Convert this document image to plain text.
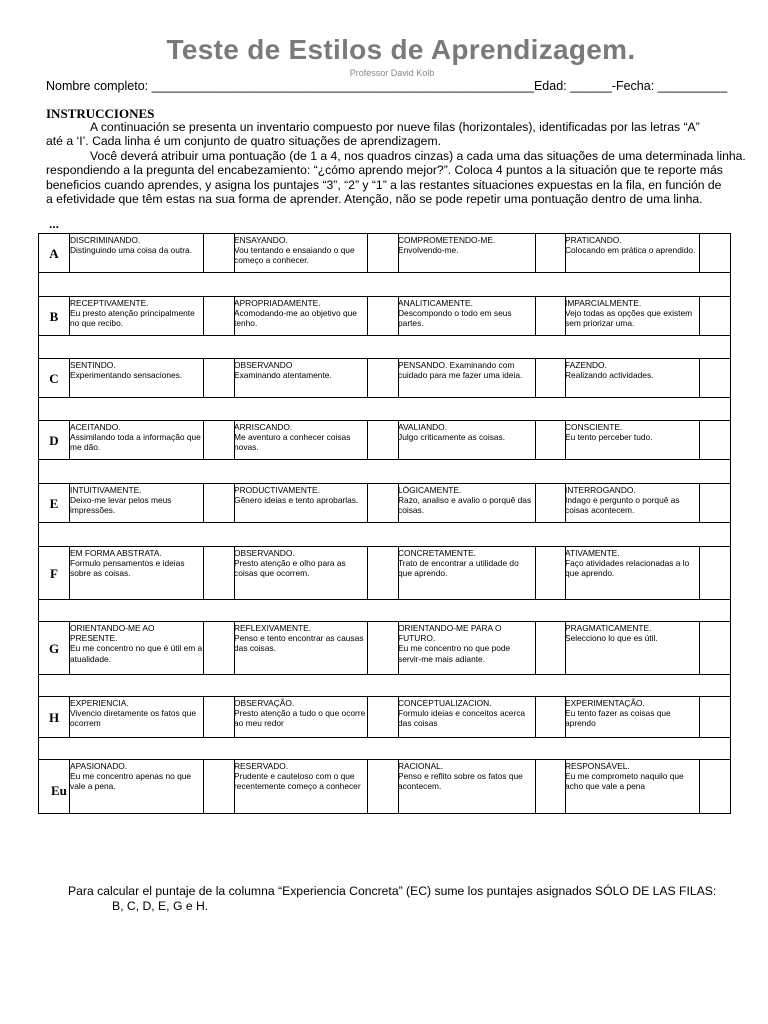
Teste de Estilos de Aprendizagem.
Professor David Kolb
Nombre completo: _______________________________________________________Edad: ______-Fecha: __________
INSTRUCCIONES
A continuación se presenta un inventario compuesto por nueve filas (horizontales), identificadas por las letras “A”
até a ‘I’. Cada linha é um conjunto de quatro situações de aprendizagem.
Você deverá atribuir uma pontuação (de 1 a 4, nos quadros cinzas) a cada uma das situações de uma determinada linha.
respondiendo a la pregunta del encabezamiento: “¿cómo aprendo mejor?”. Coloca 4 puntos a la situación que te reporte más
beneficios cuando aprendes, y asigna los puntajes “3”, “2” y “1” a las restantes situaciones expuestas en la fila, en función de
a efetividade que têm estas na sua forma de aprender. Atenção, não se pode repetir uma pontuação dentro de uma linha.
...
A
DISCRIMINANDO.
Distinguindo uma coisa da outra.
ENSAYANDO.
Vou tentando e ensaiando o que começo a conhecer.
COMPROMETENDO-ME.
Envolvendo-me.
PRATICANDO.
Colocando em prática o aprendido.
B
RECEPTIVAMENTE.
Eu presto atenção principalmente no que recibo.
APROPRIADAMENTE.
Acomodando-me ao objetivo que tenho.
ANALITICAMENTE.
Descompondo o todo em seus partes.
IMPARCIALMENTE.
Vejo todas as opções que existem sem priorizar uma.
C
SENTINDO.
Experimentando sensaciones.
OBSERVANDO
Examinando atentamente.
PENSANDO. Examinando com
cuidado para me fazer uma ideia.
FAZENDO.
Realizando actividades.
D
ACEITANDO.
Assimilando toda a informação que me dão.
ARRISCANDO.
Me aventuro a conhecer coisas novas.
AVALIANDO.
Julgo criticamente as coisas.
CONSCIENTE.
Eu tento perceber tudo.
E
INTUITIVAMENTE.
Deixo-me levar pelos meus impressões.
PRODUCTIVAMENTE.
Gênero ideias e tento aprobarlas.
LÓGICAMENTE.
Razo, analiso e avalio o porquê das coisas.
INTERROGANDO.
Indago e pergunto o porquê as coisas acontecem.
F
EM FORMA ABSTRATA.
Formulo pensamentos e ideias sobre as coisas.
OBSERVANDO.
Presto atenção e olho para as coisas que ocorrem.
CONCRETAMENTE.
Trato de encontrar a utilidade do que aprendo.
ATIVAMENTE.
Faço atividades relacionadas a lo que aprendo.
G
ORIENTANDO-ME AO PRESENTE.
Eu me concentro no que é útil em a atualidade.
REFLEXIVAMENTE.
Penso e tento encontrar as causas das coisas.
ORIENTANDO-ME PARA O FUTURO.
Eu me concentro no que pode servir-me mais adiante.
PRAGMATICAMENTE.
Selecciono lo que es útil.
H
EXPERIENCIA.
Vivencio diretamente os fatos que ocorrem
OBSERVAÇÃO.
Presto atenção a tudo o que ocorre ao meu redor
CONCEPTUALIZACION.
Formulo ideias e conceitos acerca das coisas
EXPERIMENTAÇÃO.
Eu tento fazer as coisas que aprendo
Eu
APASIONADO.
Eu me concentro apenas no que vale a pena.
RESERVADO.
Prudente e cauteloso com o que recentemente começo a conhecer
RACIONAL.
Penso e reflito sobre os fatos que acontecem.
RESPONSÁVEL.
Eu me comprometo naquilo que acho que vale a pena
Para calcular el puntaje de la columna “Experiencia Concreta” (EC) sume los puntajes asignados SÓLO DE LAS FILAS:
B, C, D, E, G e H.
